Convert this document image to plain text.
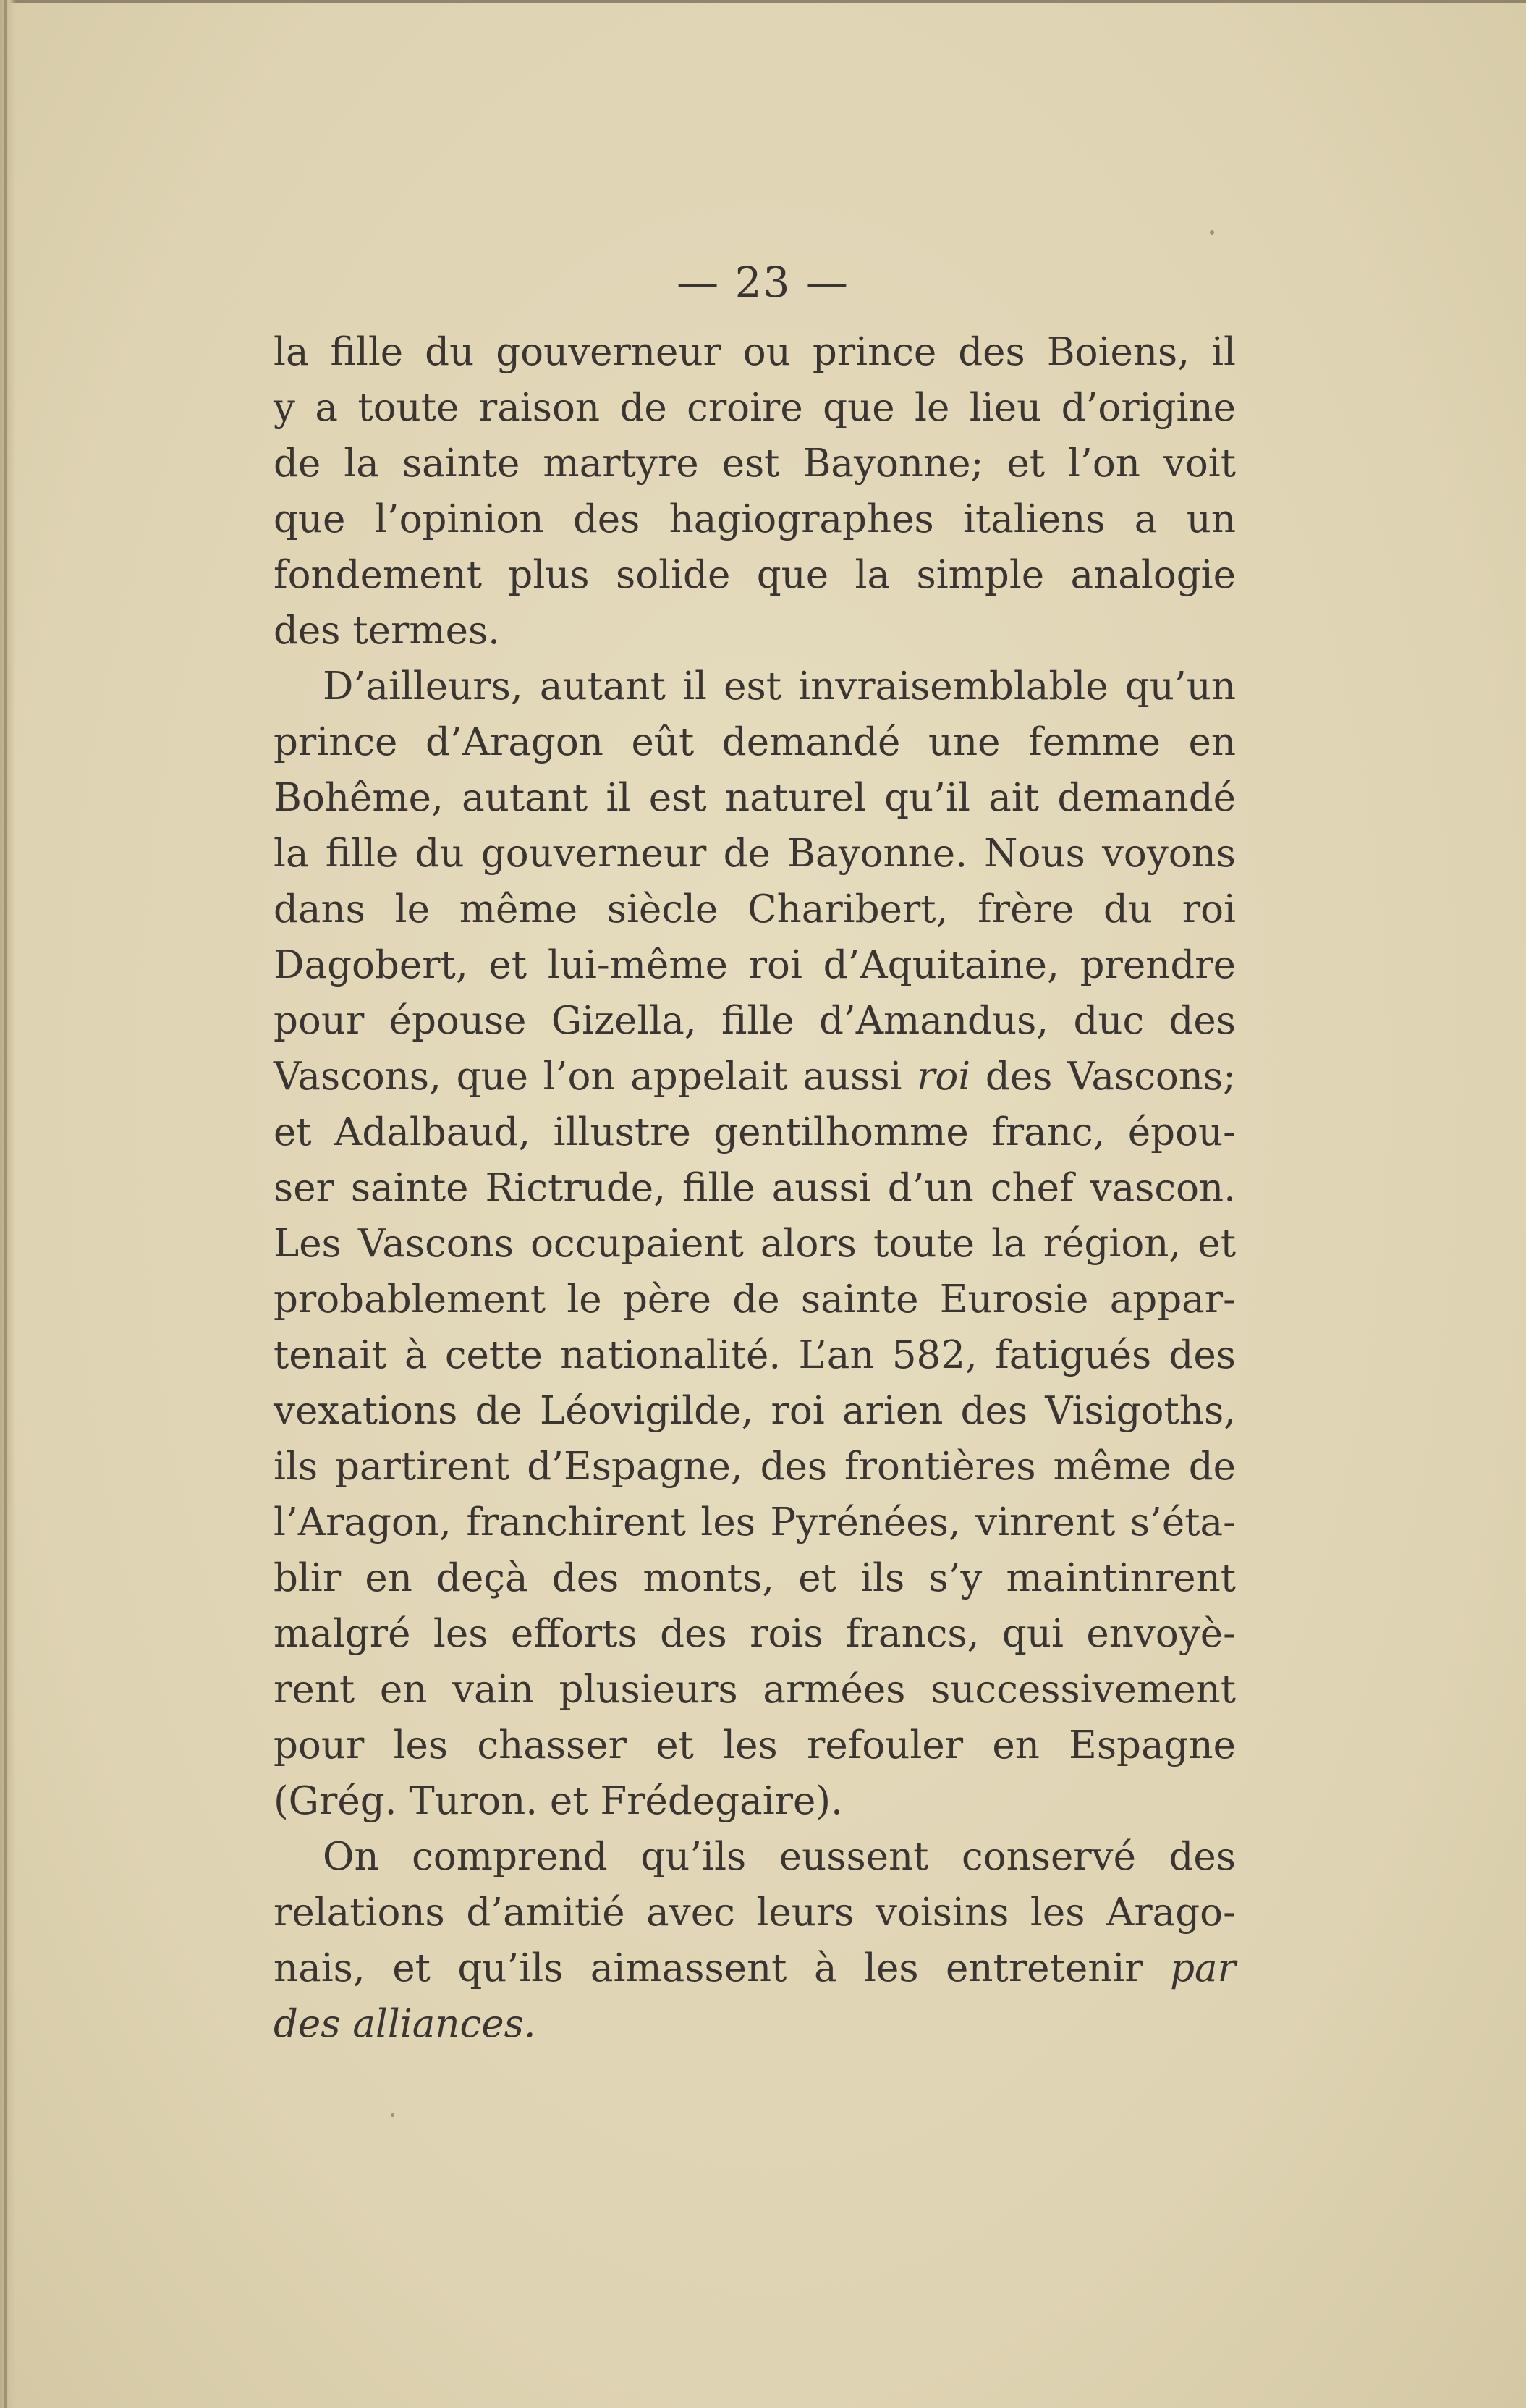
— 23 —
la fille du gouverneur ou prince des Boiens, il
y a toute raison de croire que le lieu d’origine
de la sainte martyre est Bayonne; et l’on voit
que l’opinion des hagiographes italiens a un
fondement plus solide que la simple analogie
des termes.
D’ailleurs, autant il est invraisemblable qu’un
prince d’Aragon eût demandé une femme en
Bohême, autant il est naturel qu’il ait demandé
la fille du gouverneur de Bayonne. Nous voyons
dans le même siècle Charibert, frère du roi
Dagobert, et lui-même roi d’Aquitaine, prendre
pour épouse Gizella, fille d’Amandus, duc des
Vascons, que l’on appelait aussi roi des Vascons;
et Adalbaud, illustre gentilhomme franc, épou-
ser sainte Rictrude, fille aussi d’un chef vascon.
Les Vascons occupaient alors toute la région, et
probablement le père de sainte Eurosie appar-
tenait à cette nationalité. L’an 582, fatigués des
vexations de Léovigilde, roi arien des Visigoths,
ils partirent d’Espagne, des frontières même de
l’Aragon, franchirent les Pyrénées, vinrent s’éta-
blir en deçà des monts, et ils s’y maintinrent
malgré les efforts des rois francs, qui envoyè-
rent en vain plusieurs armées successivement
pour les chasser et les refouler en Espagne
(Grég. Turon. et Frédegaire).
On comprend qu’ils eussent conservé des
relations d’amitié avec leurs voisins les Arago-
nais, et qu’ils aimassent à les entretenir par
des alliances.
